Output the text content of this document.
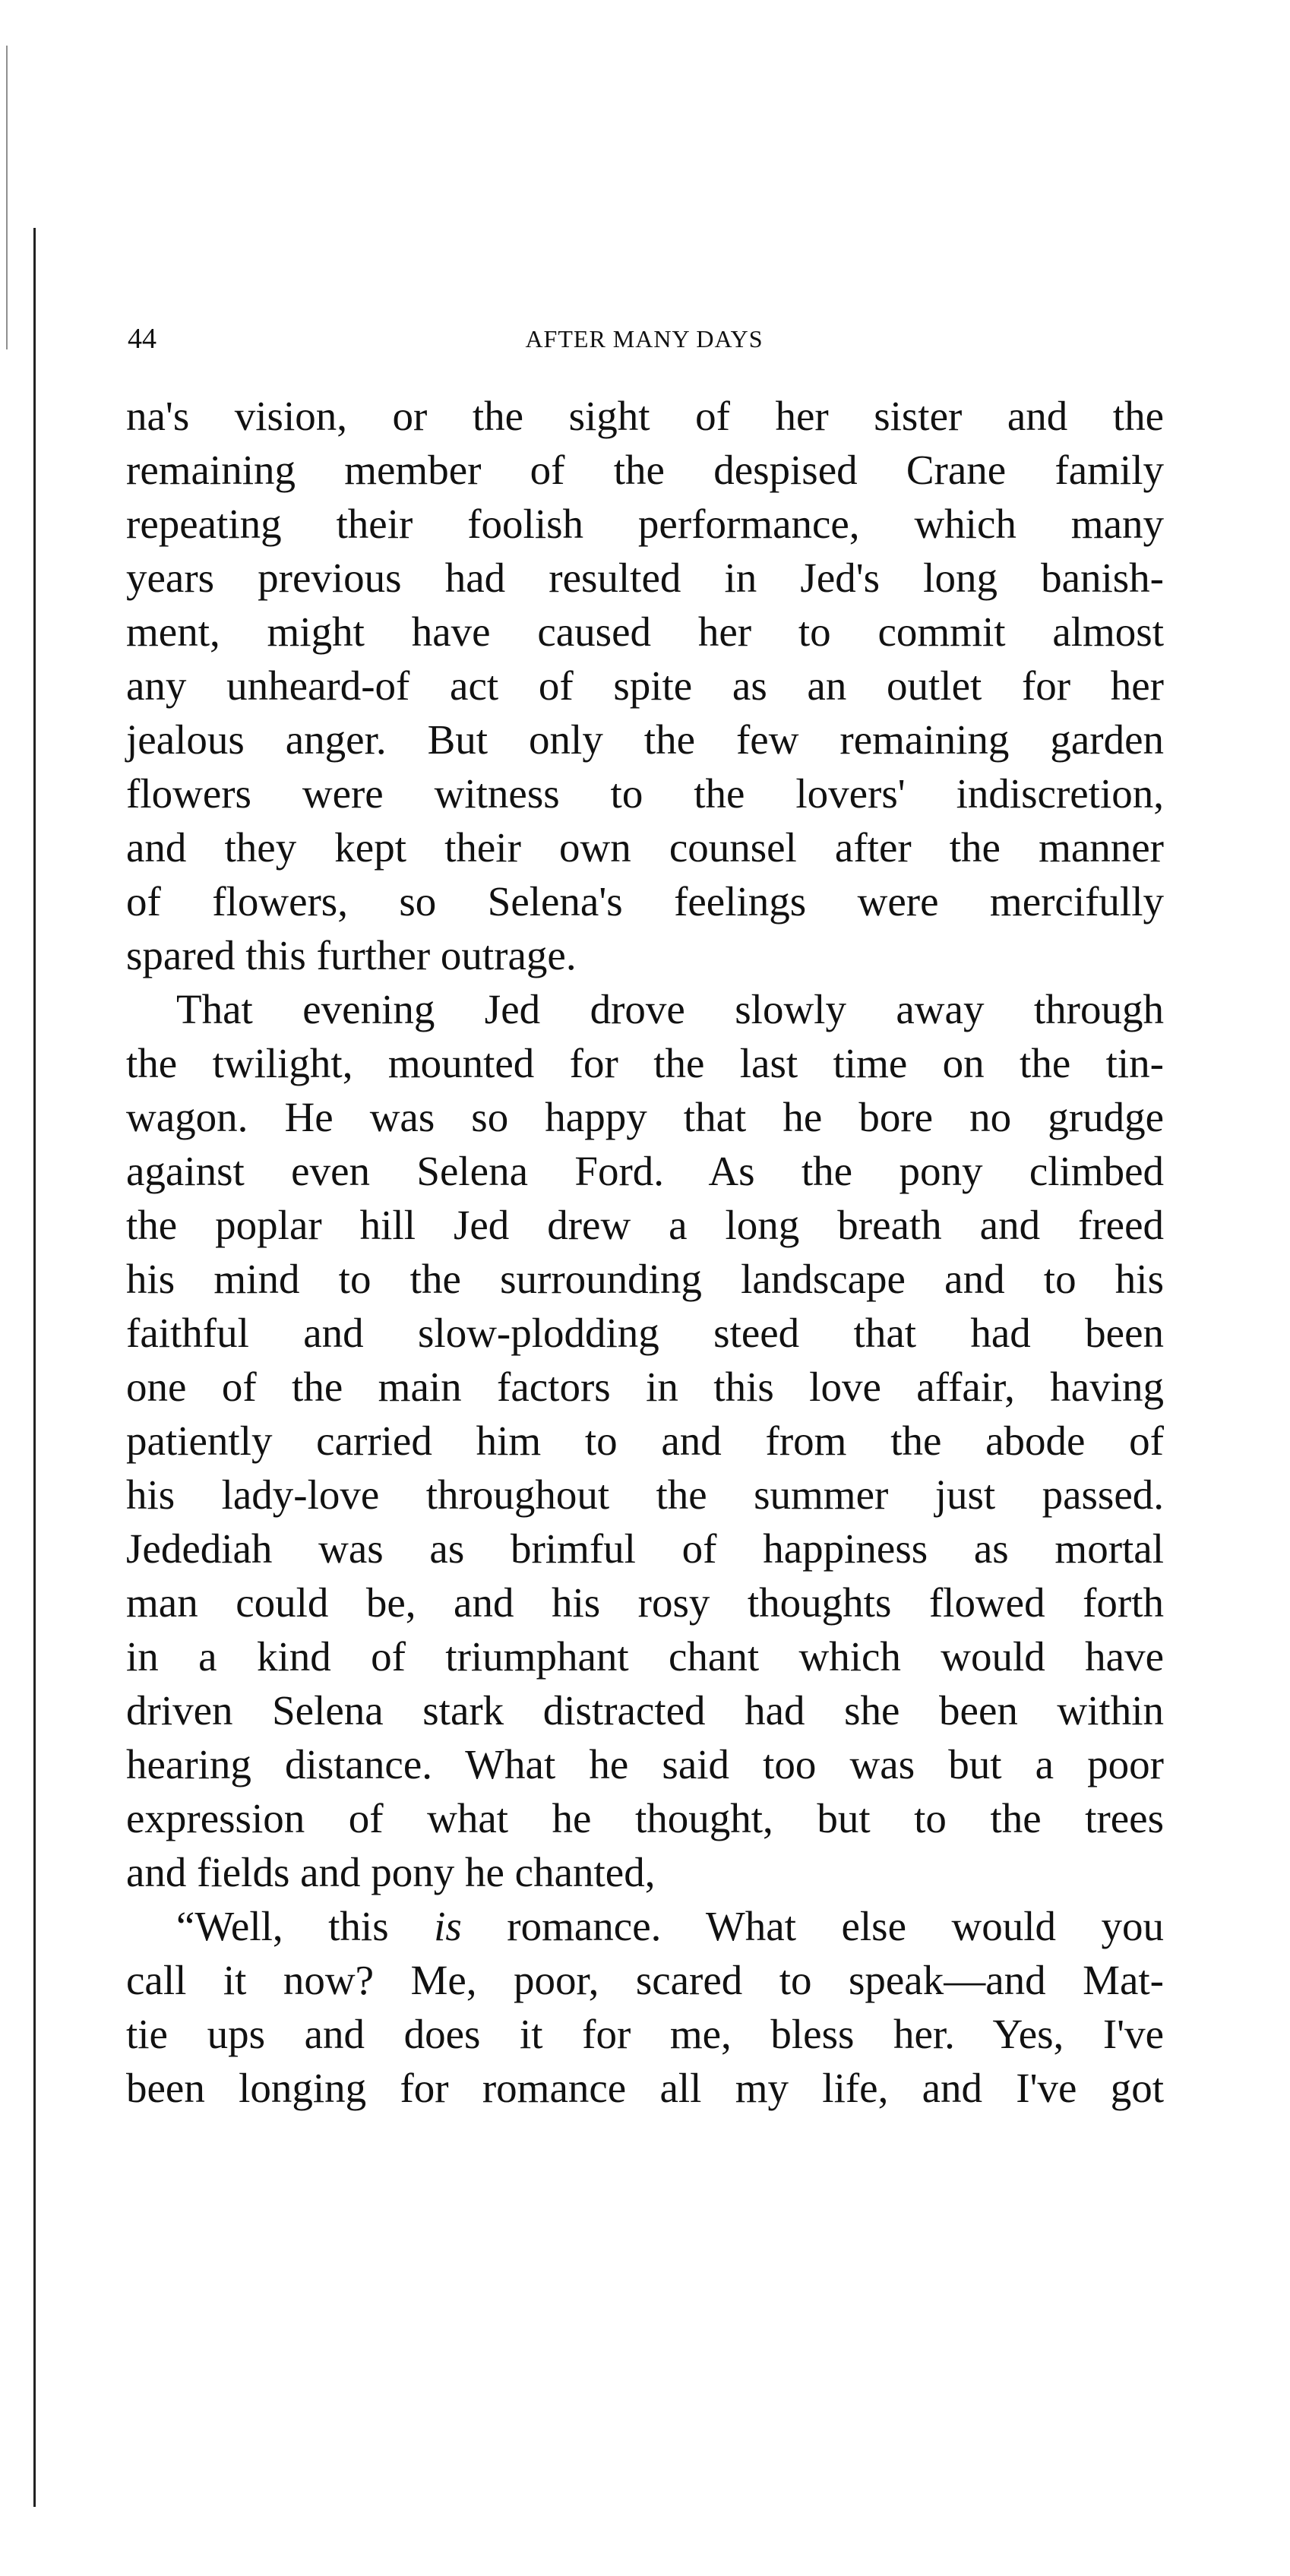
44	AFTER MANY DAYS
na's vision, or the sight of her sister and the
remaining member of the despised Crane family
repeating their foolish performance, which many
years previous had resulted in Jed's long banish-
ment, might have caused her to commit almost
any unheard-of act of spite as an outlet for her
jealous anger. But only the few remaining garden
flowers were witness to the lovers' indiscretion,
and they kept their own counsel after the manner
of flowers, so Selena's feelings were mercifully
spared this further outrage.
That evening Jed drove slowly away through
the twilight, mounted for the last time on the tin-
wagon. He was so happy that he bore no grudge
against even Selena Ford. As the pony climbed
the poplar hill Jed drew a long breath and freed
his mind to the surrounding landscape and to his
faithful and slow-plodding steed that had been
one of the main factors in this love affair, having
patiently carried him to and from the abode of
his lady-love throughout the summer just passed.
Jedediah was as brimful of happiness as mortal
man could be, and his rosy thoughts flowed forth
in a kind of triumphant chant which would have
driven Selena stark distracted had she been within
hearing distance. What he said too was but a poor
expression of what he thought, but to the trees
and fields and pony he chanted,
“Well, this is romance. What else would you
call it now? Me, poor, scared to speak—and Mat-
tie ups and does it for me, bless her. Yes, I've
been longing for romance all my life, and I've got
